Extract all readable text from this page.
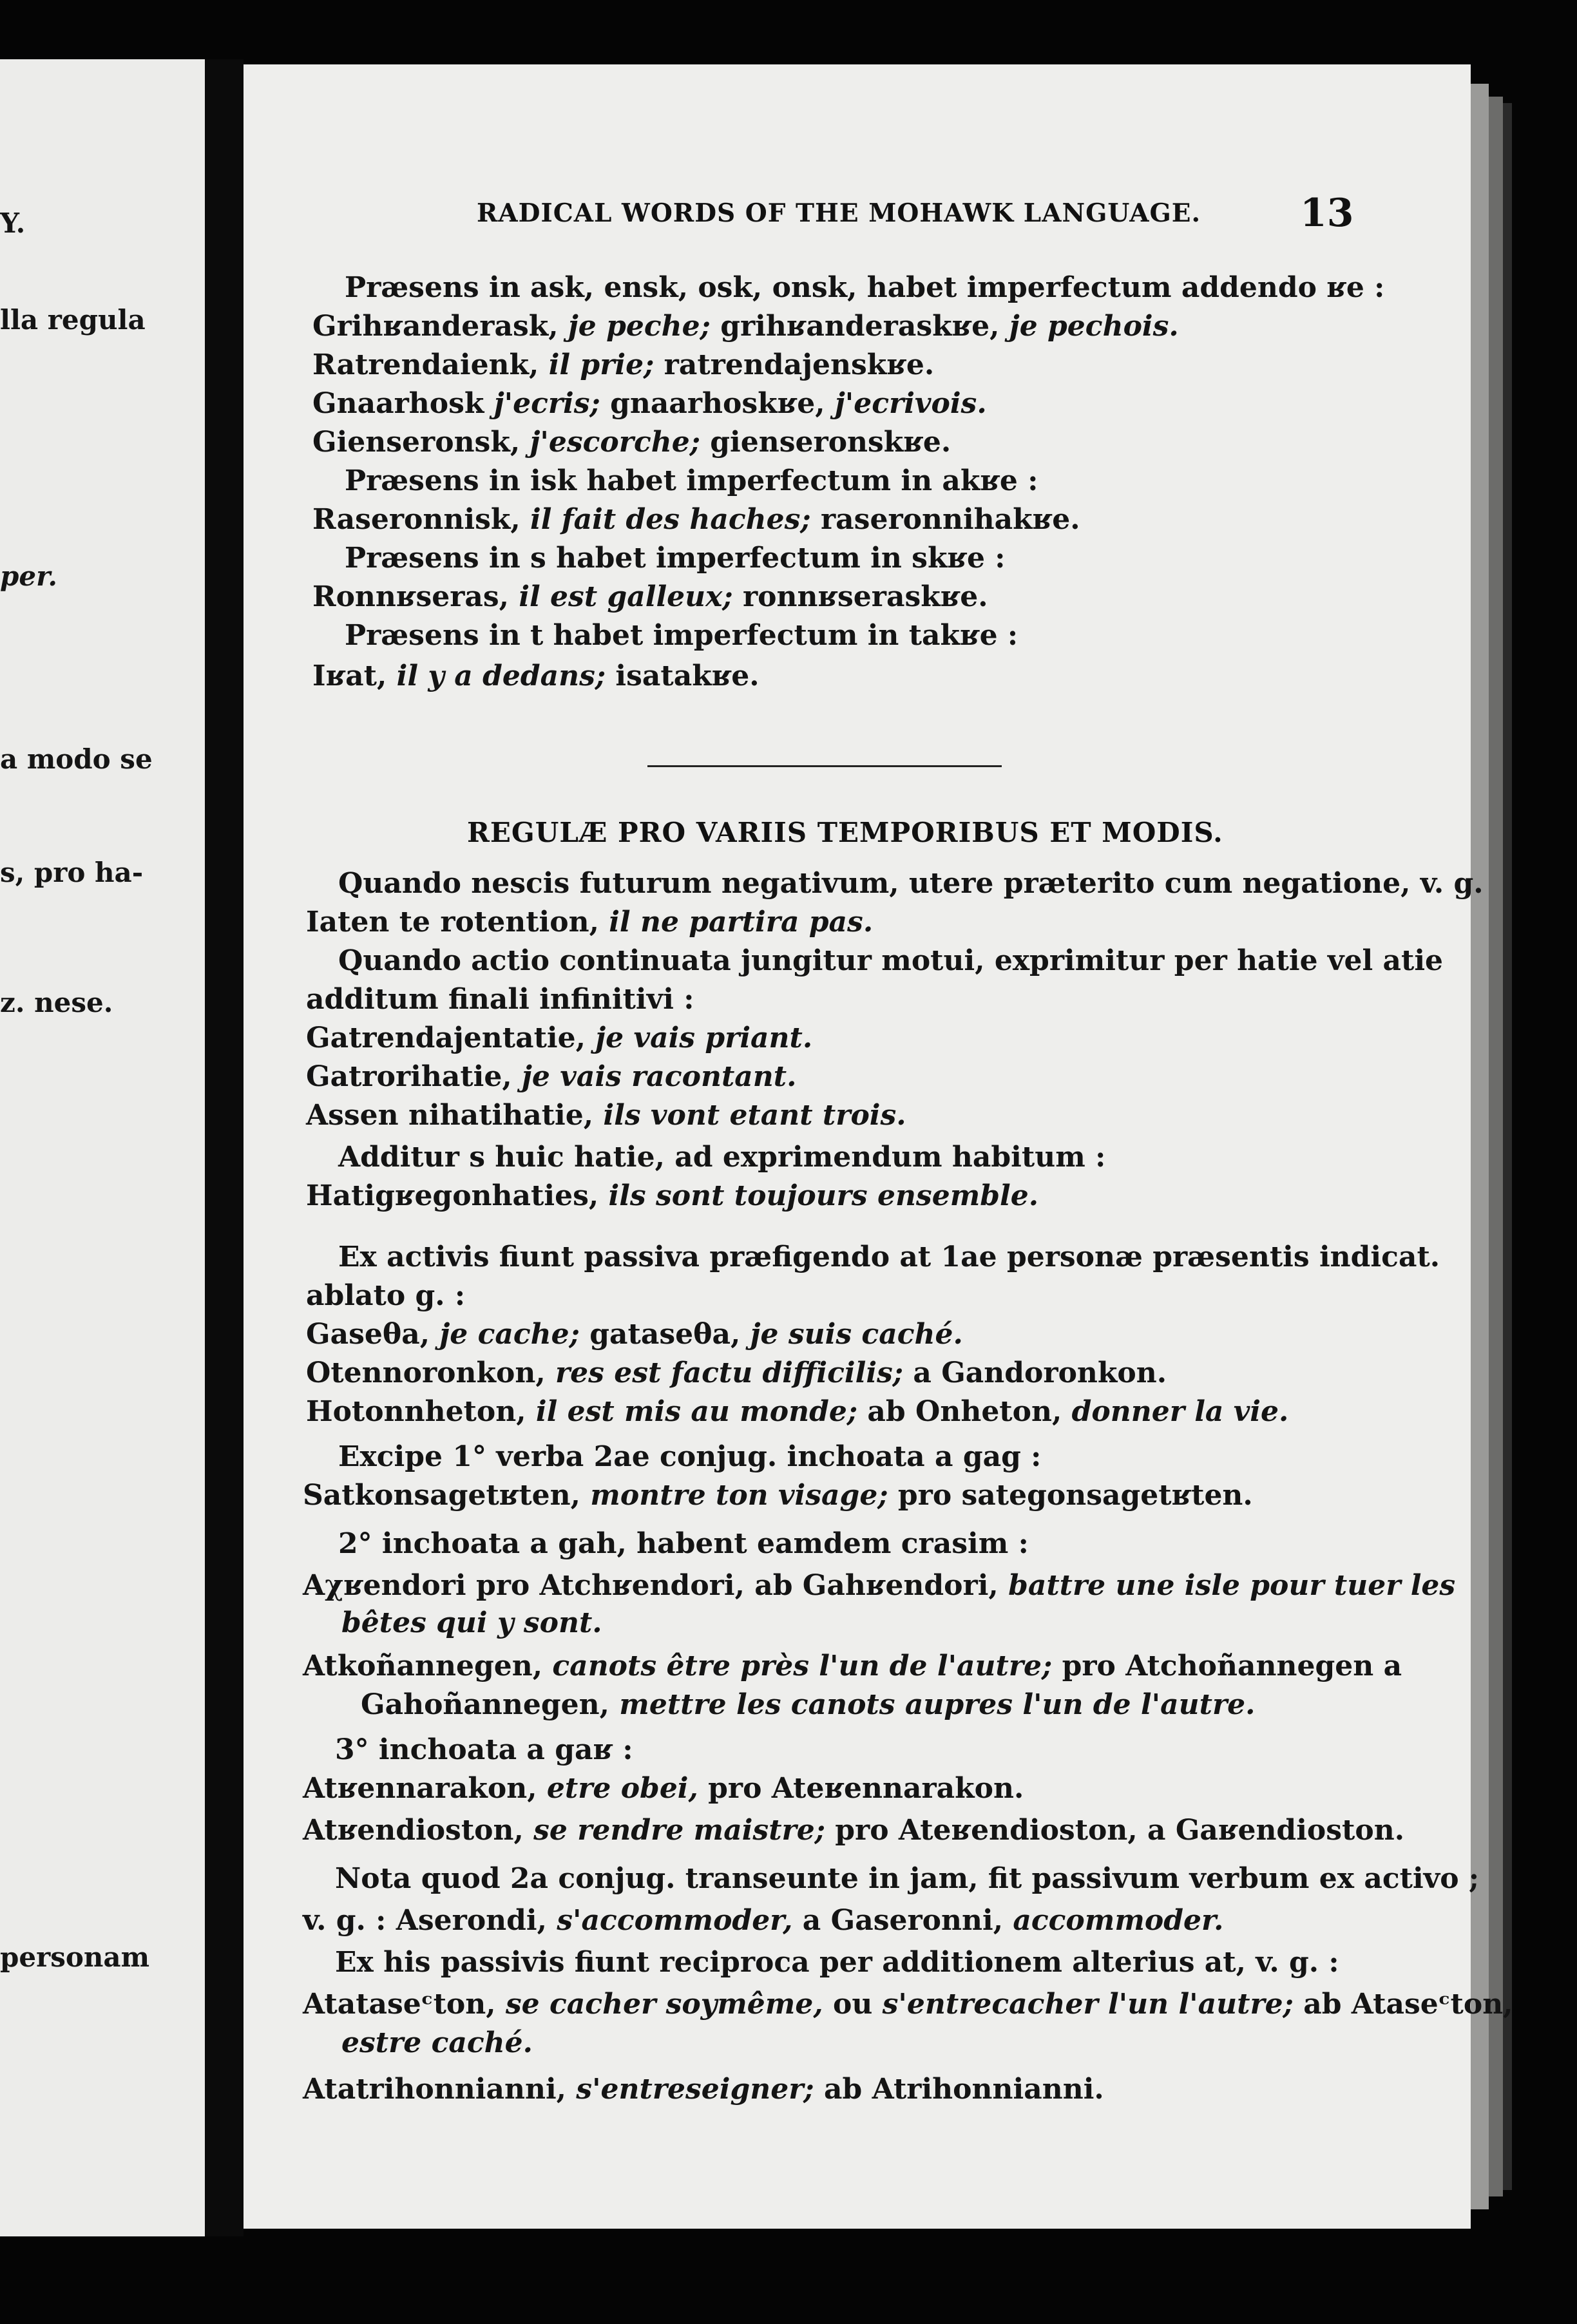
Y.
lla regula
per.
a modo se
s, pro ha-
z. nese.
personam
RADICAL WORDS OF THE MOHAWK LANGUAGE.	13
Præsens in ask, ensk, osk, onsk, habet imperfectum addendo ʁe :
Grihʁanderask, je peche; grihʁanderaskʁe, je pechois.
Ratrendaienk, il prie; ratrendajenskʁe.
Gnaarhosk j'ecris; gnaarhoskʁe, j'ecrivois.
Gienseronsk, j'escorche; gienseronskʁe.
Præsens in isk habet imperfectum in akʁe :
Raseronnisk, il fait des haches; raseronnihakʁe.
Præsens in s habet imperfectum in skʁe :
Ronnʁseras, il est galleux; ronnʁseraskʁe.
Præsens in t habet imperfectum in takʁe :
Iʁat, il y a dedans; isatakʁe.
REGULÆ PRO VARIIS TEMPORIBUS ET MODIS.
Quando nescis futurum negativum, utere præterito cum negatione, v. g.
Iaten te rotention, il ne partira pas.
Quando actio continuata jungitur motui, exprimitur per hatie vel atie
additum finali infinitivi :
Gatrendajentatie, je vais priant.
Gatrorihatie, je vais racontant.
Assen nihatihatie, ils vont etant trois.
Additur s huic hatie, ad exprimendum habitum :
Hatigʁegonhaties, ils sont toujours ensemble.
Ex activis fiunt passiva præfigendo at 1ae personæ præsentis indicat.
ablato g. :
Gaseθa, je cache; gataseθa, je suis caché.
Otennoronkon, res est factu difficilis; a Gandoronkon.
Hotonnheton, il est mis au monde; ab Onheton, donner la vie.
Excipe 1° verba 2ae conjug. inchoata a gag :
Satkonsagetʁten, montre ton visage; pro sategonsagetʁten.
2° inchoata a gah, habent eamdem crasim :
Aχʁendori pro Atchʁendori, ab Gahʁendori, battre une isle pour tuer les
bêtes qui y sont.
Atkoñannegen, canots être près l'un de l'autre; pro Atchoñannegen a
Gahoñannegen, mettre les canots aupres l'un de l'autre.
3° inchoata a gaʁ :
Atʁennarakon, etre obei, pro Ateʁennarakon.
Atʁendioston, se rendre maistre; pro Ateʁendioston, a Gaʁendioston.
Nota quod 2a conjug. transeunte in jam, fit passivum verbum ex activo ;
v. g. : Aserondi, s'accommoder, a Gaseronni, accommoder.
Ex his passivis fiunt reciproca per additionem alterius at, v. g. :
Atataseᶜton, se cacher soymême, ou s'entrecacher l'un l'autre; ab Ataseᶜton,
estre caché.
Atatrihonnianni, s'entreseigner; ab Atrihonnianni.
